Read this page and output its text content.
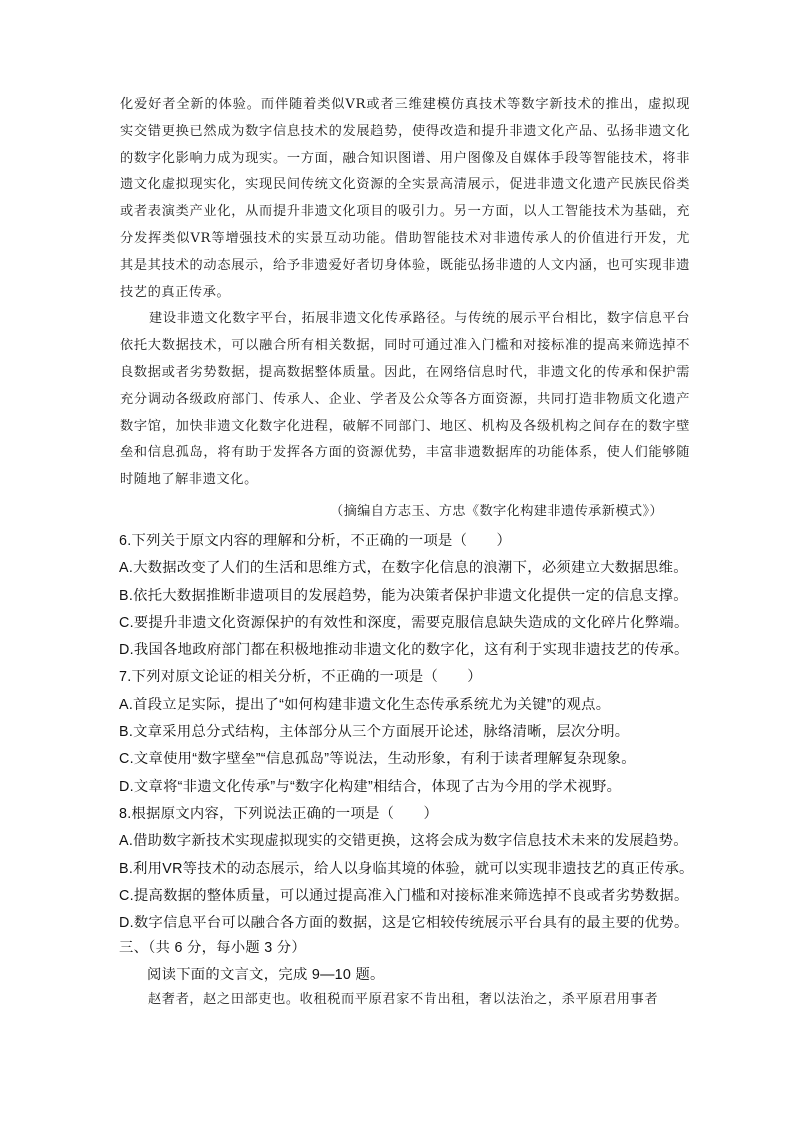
化爱好者全新的体验。而伴随着类似VR或者三维建模仿真技术等数字新技术的推出，虚拟现实交错更换已然成为数字信息技术的发展趋势，使得改造和提升非遗文化产品、弘扬非遗文化的数字化影响力成为现实。一方面，融合知识图谱、用户图像及自媒体手段等智能技术，将非遗文化虚拟现实化，实现民间传统文化资源的全实景高清展示，促进非遗文化遗产民族民俗类或者表演类产业化，从而提升非遗文化项目的吸引力。另一方面，以人工智能技术为基础，充分发挥类似VR等增强技术的实景互动功能。借助智能技术对非遗传承人的价值进行开发，尤其是其技术的动态展示，给予非遗爱好者切身体验，既能弘扬非遗的人文内涵，也可实现非遗技艺的真正传承。

建设非遗文化数字平台，拓展非遗文化传承路径。与传统的展示平台相比，数字信息平台依托大数据技术，可以融合所有相关数据，同时可通过准入门槛和对接标准的提高来筛选掉不良数据或者劣势数据，提高数据整体质量。因此，在网络信息时代，非遗文化的传承和保护需充分调动各级政府部门、传承人、企业、学者及公众等各方面资源，共同打造非物质文化遗产数字馆，加快非遗文化数字化进程，破解不同部门、地区、机构及各级机构之间存在的数字壁垒和信息孤岛，将有助于发挥各方面的资源优势，丰富非遗数据库的功能体系，使人们能够随时随地了解非遗文化。

（摘编自方志玉、方忠《数字化构建非遗传承新模式》）
6.下列关于原文内容的理解和分析，不正确的一项是（　　）
A.大数据改变了人们的生活和思维方式，在数字化信息的浪潮下，必须建立大数据思维。
B.依托大数据推断非遗项目的发展趋势，能为决策者保护非遗文化提供一定的信息支撑。
C.要提升非遗文化资源保护的有效性和深度，需要克服信息缺失造成的文化碎片化弊端。
D.我国各地政府部门都在积极地推动非遗文化的数字化，这有利于实现非遗技艺的传承。
7.下列对原文论证的相关分析，不正确的一项是（　　）
A.首段立足实际，提出了“如何构建非遗文化生态传承系统尤为关键”的观点。
B.文章采用总分式结构，主体部分从三个方面展开论述，脉络清晰，层次分明。
C.文章使用“数字壁垒”“信息孤岛”等说法，生动形象，有利于读者理解复杂现象。
D.文章将“非遗文化传承”与“数字化构建”相结合，体现了古为今用的学术视野。
8.根据原文内容，下列说法正确的一项是（　　）
A.借助数字新技术实现虚拟现实的交错更换，这将会成为数字信息技术未来的发展趋势。
B.利用VR等技术的动态展示，给人以身临其境的体验，就可以实现非遗技艺的真正传承。
C.提高数据的整体质量，可以通过提高准入门槛和对接标准来筛选掉不良或者劣势数据。
D.数字信息平台可以融合各方面的数据，这是它相较传统展示平台具有的最主要的优势。
三、（共 6 分，每小题 3 分）
阅读下面的文言文，完成 9—10 题。
赵奢者，赵之田部吏也。收租税而平原君家不肯出租，奢以法治之，杀平原君用事者
